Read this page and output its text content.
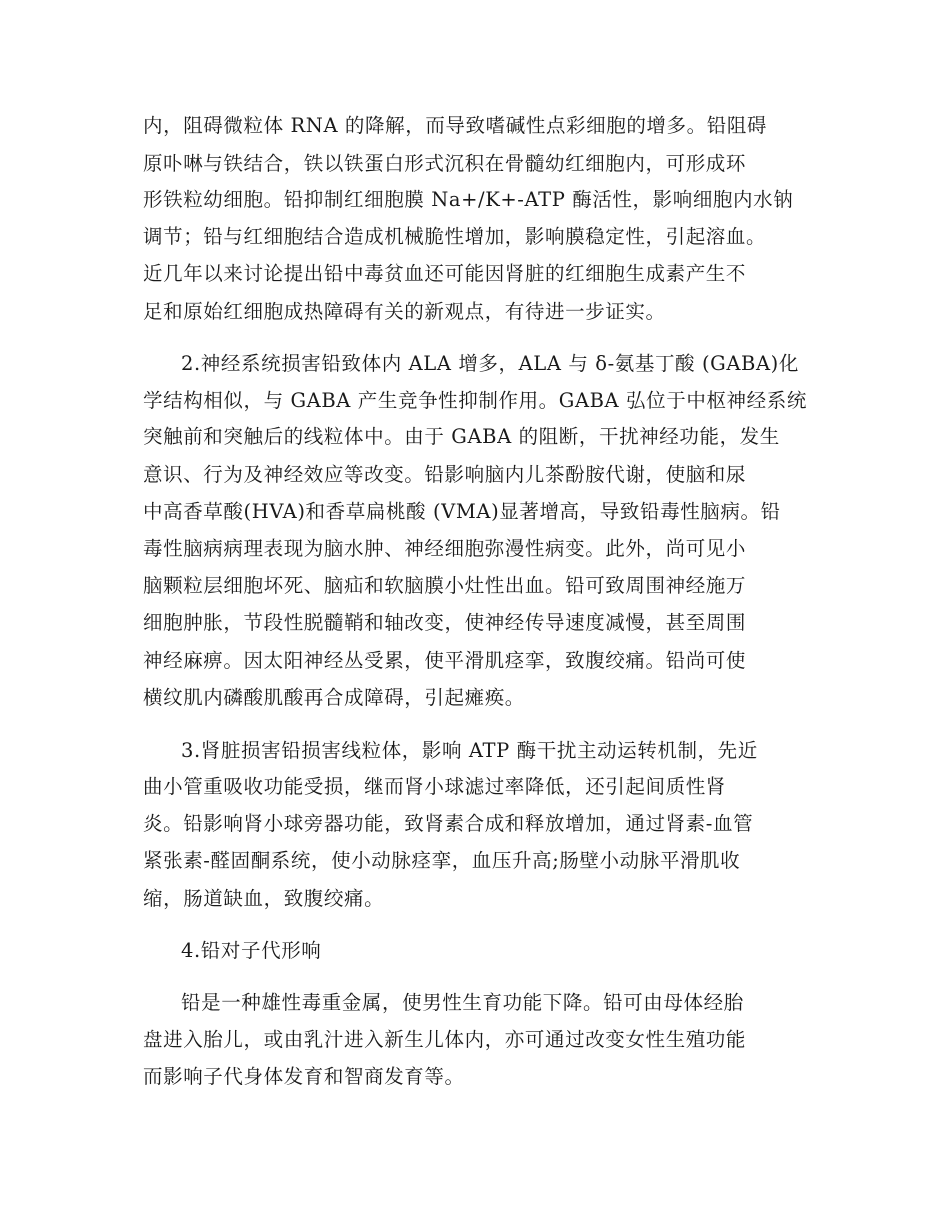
内，阻碍微粒体 RNA 的降解，而导致嗜碱性点彩细胞的增多。铅阻碍
原卟啉与铁结合，铁以铁蛋白形式沉积在骨髓幼红细胞内，可形成环
形铁粒幼细胞。铅抑制红细胞膜 Na+/K+-ATP 酶活性，影响细胞内水钠
调节；铅与红细胞结合造成机械脆性增加，影响膜稳定性，引起溶血。
近几年以来讨论提出铅中毒贫血还可能因肾脏的红细胞生成素产生不
足和原始红细胞成热障碍有关的新观点，有待进一步证实。
2.神经系统损害铅致体内 ALA 增多，ALA 与 δ-氨基丁酸 (GABA)化
学结构相似，与 GABA 产生竞争性抑制作用。GABA 弘位于中枢神经系统
突触前和突触后的线粒体中。由于 GABA 的阻断，干扰神经功能，发生
意识、行为及神经效应等改变。铅影响脑内儿茶酚胺代谢，使脑和尿
中高香草酸(HVA)和香草扁桃酸 (VMA)显著增高，导致铅毒性脑病。铅
毒性脑病病理表现为脑水肿、神经细胞弥漫性病变。此外，尚可见小
脑颗粒层细胞坏死、脑疝和软脑膜小灶性出血。铅可致周围神经施万
细胞肿胀，节段性脱髓鞘和轴改变，使神经传导速度减慢，甚至周围
神经麻痹。因太阳神经丛受累，使平滑肌痉挛，致腹绞痛。铅尚可使
横纹肌内磷酸肌酸再合成障碍，引起瘫痪。
3.肾脏损害铅损害线粒体，影响 ATP 酶干扰主动运转机制，先近
曲小管重吸收功能受损，继而肾小球滤过率降低，还引起间质性肾
炎。铅影响肾小球旁器功能，致肾素合成和释放增加，通过肾素-血管
紧张素-醛固酮系统，使小动脉痉挛，血压升高;肠壁小动脉平滑肌收
缩，肠道缺血，致腹绞痛。
4.铅对子代形响
铅是一种雄性毒重金属，使男性生育功能下降。铅可由母体经胎
盘进入胎儿，或由乳汁进入新生儿体内，亦可通过改变女性生殖功能
而影响子代身体发育和智商发育等。
